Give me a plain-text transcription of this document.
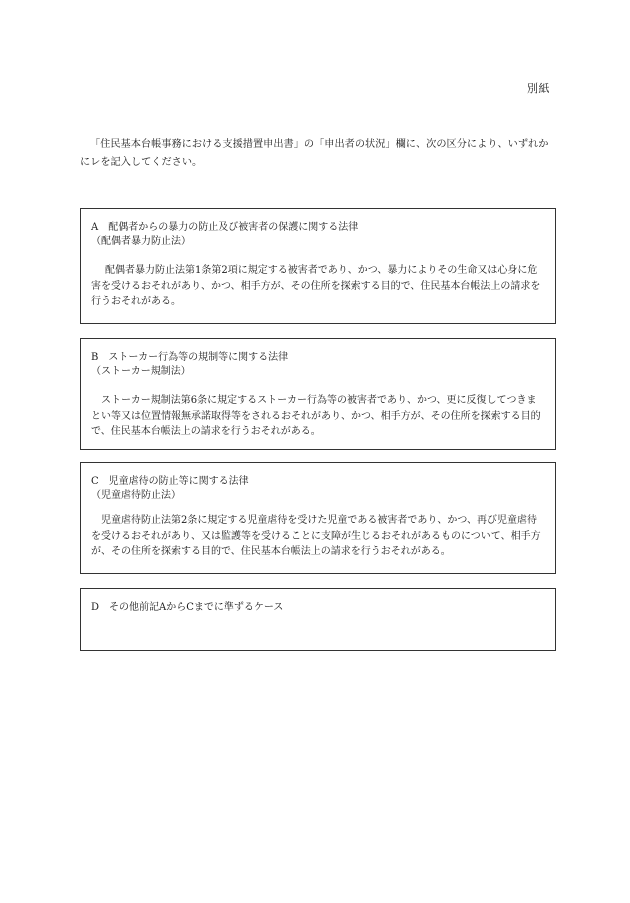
別紙

「住民基本台帳事務における支援措置申出書」の「申出者の状況」欄に、次の区分により、いずれかにレを記入してください。

A　配偶者からの暴力の防止及び被害者の保護に関する法律

（配偶者暴力防止法）

配偶者暴力防止法第1条第2項に規定する被害者であり、かつ、暴力によりその生命又は心身に危害を受けるおそれがあり、かつ、相手方が、その住所を探索する目的で、住民基本台帳法上の請求を行うおそれがある。

B　ストーカー行為等の規制等に関する法律

（ストーカー規制法）

ストーカー規制法第6条に規定するストーカー行為等の被害者であり、かつ、更に反復してつきまとい等又は位置情報無承諾取得等をされるおそれがあり、かつ、相手方が、その住所を探索する目的で、住民基本台帳法上の請求を行うおそれがある。

C　児童虐待の防止等に関する法律

（児童虐待防止法）

児童虐待防止法第2条に規定する児童虐待を受けた児童である被害者であり、かつ、再び児童虐待を受けるおそれがあり、又は監護等を受けることに支障が生じるおそれがあるものについて、相手方が、その住所を探索する目的で、住民基本台帳法上の請求を行うおそれがある。

D　その他前記AからCまでに準ずるケース
